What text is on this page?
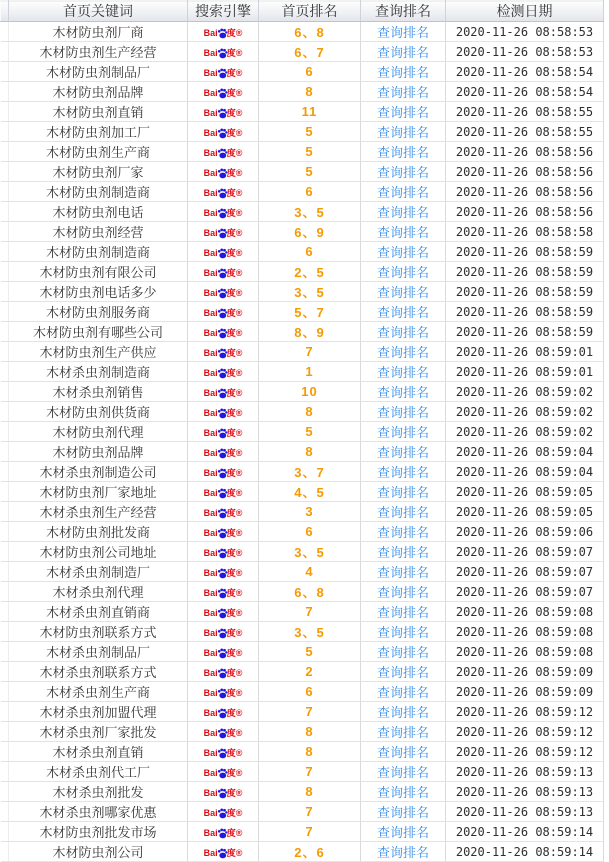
	首页关键词	搜索引擎	首页排名	查询排名	检测日期
	木材防虫剂厂商	Bai 度®	6、8	查询排名	2020-11-26 08:58:53
	木材防虫剂生产经营	Bai 度®	6、7	查询排名	2020-11-26 08:58:53
	木材防虫剂制品厂	Bai 度®	6	查询排名	2020-11-26 08:58:54
	木材防虫剂品牌	Bai 度®	8	查询排名	2020-11-26 08:58:54
	木材防虫剂直销	Bai 度®	11	查询排名	2020-11-26 08:58:55
	木材防虫剂加工厂	Bai 度®	5	查询排名	2020-11-26 08:58:55
	木材防虫剂生产商	Bai 度®	5	查询排名	2020-11-26 08:58:56
	木材防虫剂厂家	Bai 度®	5	查询排名	2020-11-26 08:58:56
	木材防虫剂制造商	Bai 度®	6	查询排名	2020-11-26 08:58:56
	木材防虫剂电话	Bai 度®	3、5	查询排名	2020-11-26 08:58:56
	木材防虫剂经营	Bai 度®	6、9	查询排名	2020-11-26 08:58:58
	木材防虫剂制造商	Bai 度®	6	查询排名	2020-11-26 08:58:59
	木材防虫剂有限公司	Bai 度®	2、5	查询排名	2020-11-26 08:58:59
	木材防虫剂电话多少	Bai 度®	3、5	查询排名	2020-11-26 08:58:59
	木材防虫剂服务商	Bai 度®	5、7	查询排名	2020-11-26 08:58:59
	木材防虫剂有哪些公司	Bai 度®	8、9	查询排名	2020-11-26 08:58:59
	木材防虫剂生产供应	Bai 度®	7	查询排名	2020-11-26 08:59:01
	木材杀虫剂制造商	Bai 度®	1	查询排名	2020-11-26 08:59:01
	木材杀虫剂销售	Bai 度®	10	查询排名	2020-11-26 08:59:02
	木材防虫剂供货商	Bai 度®	8	查询排名	2020-11-26 08:59:02
	木材防虫剂代理	Bai 度®	5	查询排名	2020-11-26 08:59:02
	木材防虫剂品牌	Bai 度®	8	查询排名	2020-11-26 08:59:04
	木材杀虫剂制造公司	Bai 度®	3、7	查询排名	2020-11-26 08:59:04
	木材防虫剂厂家地址	Bai 度®	4、5	查询排名	2020-11-26 08:59:05
	木材杀虫剂生产经营	Bai 度®	3	查询排名	2020-11-26 08:59:05
	木材防虫剂批发商	Bai 度®	6	查询排名	2020-11-26 08:59:06
	木材防虫剂公司地址	Bai 度®	3、5	查询排名	2020-11-26 08:59:07
	木材杀虫剂制造厂	Bai 度®	4	查询排名	2020-11-26 08:59:07
	木材杀虫剂代理	Bai 度®	6、8	查询排名	2020-11-26 08:59:07
	木材杀虫剂直销商	Bai 度®	7	查询排名	2020-11-26 08:59:08
	木材防虫剂联系方式	Bai 度®	3、5	查询排名	2020-11-26 08:59:08
	木材杀虫剂制品厂	Bai 度®	5	查询排名	2020-11-26 08:59:08
	木材杀虫剂联系方式	Bai 度®	2	查询排名	2020-11-26 08:59:09
	木材杀虫剂生产商	Bai 度®	6	查询排名	2020-11-26 08:59:09
	木材杀虫剂加盟代理	Bai 度®	7	查询排名	2020-11-26 08:59:12
	木材杀虫剂厂家批发	Bai 度®	8	查询排名	2020-11-26 08:59:12
	木材杀虫剂直销	Bai 度®	8	查询排名	2020-11-26 08:59:12
	木材杀虫剂代工厂	Bai 度®	7	查询排名	2020-11-26 08:59:13
	木材杀虫剂批发	Bai 度®	8	查询排名	2020-11-26 08:59:13
	木材杀虫剂哪家优惠	Bai 度®	7	查询排名	2020-11-26 08:59:13
	木材防虫剂批发市场	Bai 度®	7	查询排名	2020-11-26 08:59:14
	木材防虫剂公司	Bai 度®	2、6	查询排名	2020-11-26 08:59:14
